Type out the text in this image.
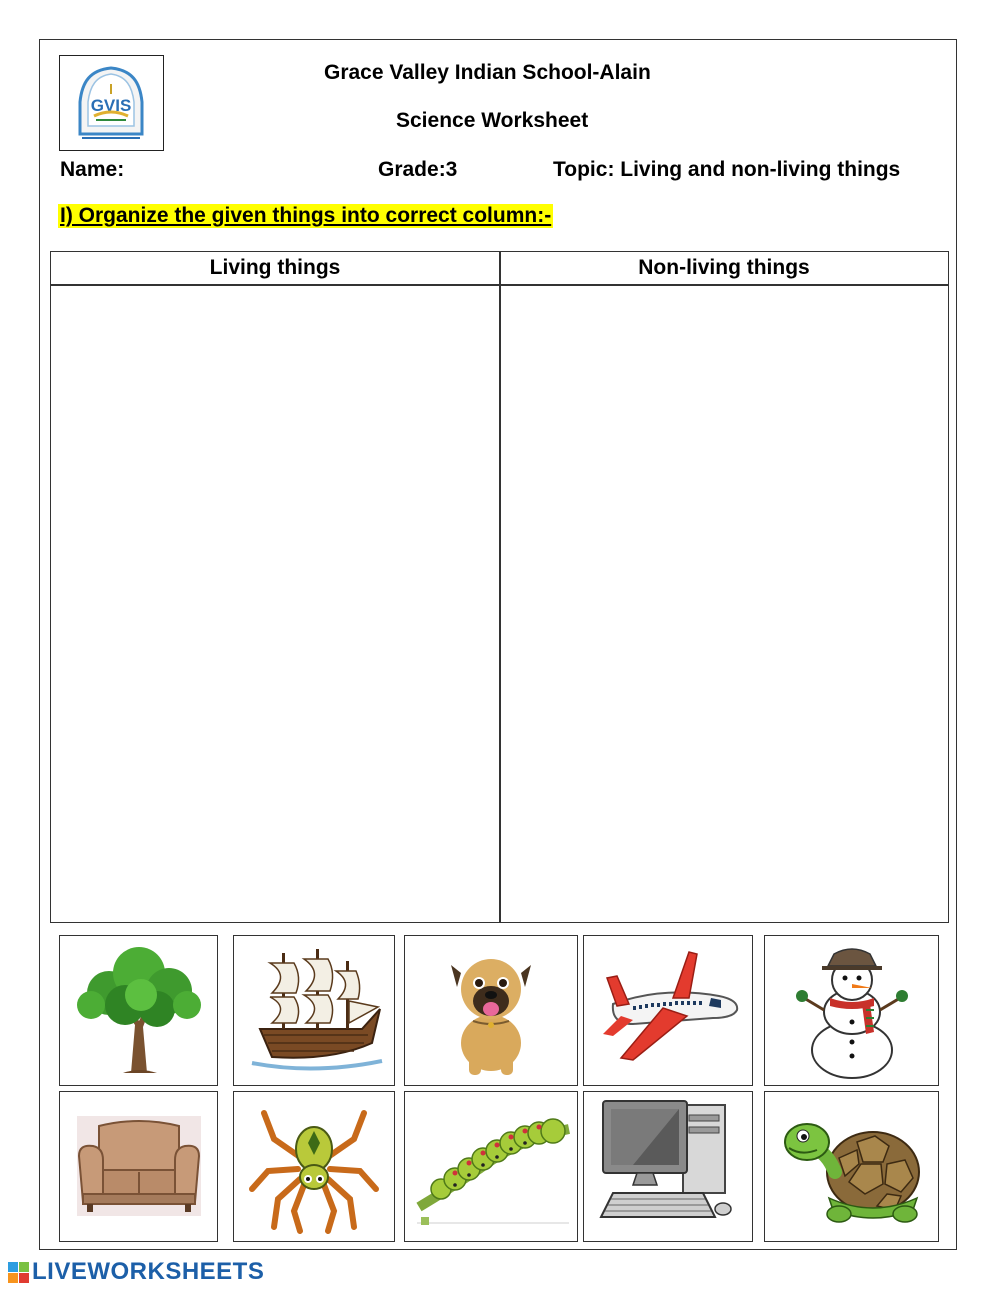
GVIS
Grace Valley Indian School-Alain
Science Worksheet
Name:	Grade:3	Topic: Living and non-living things
I) Organize the given things into correct column:-
Living things	Non-living things
LIVEWORKSHEETS
